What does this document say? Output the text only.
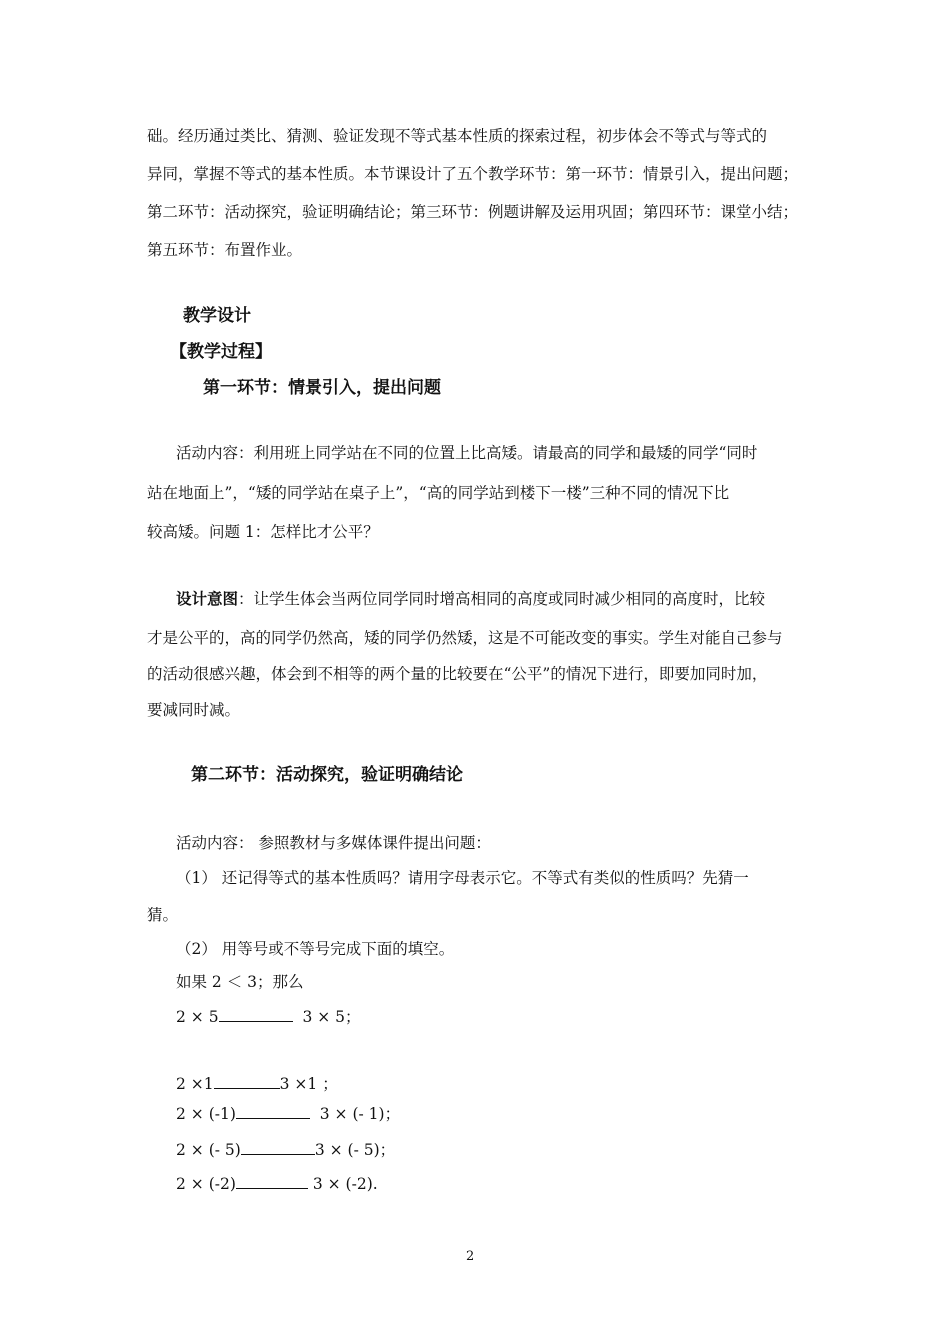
础。经历通过类比、猜测、验证发现不等式基本性质的探索过程，初步体会不等式与等式的
异同，掌握不等式的基本性质。本节课设计了五个教学环节：第一环节：情景引入，提出问题；
第二环节：活动探究，验证明确结论；第三环节：例题讲解及运用巩固；第四环节：课堂小结；
第五环节：布置作业。
教学设计
【教学过程】
第一环节：情景引入，提出问题
活动内容：利用班上同学站在不同的位置上比高矮。请最高的同学和最矮的同学“同时
站在地面上”，“矮的同学站在桌子上”，“高的同学站到楼下一楼”三种不同的情况下比
较高矮。问题 1：怎样比才公平？
设计意图：让学生体会当两位同学同时增高相同的高度或同时减少相同的高度时，比较
才是公平的，高的同学仍然高，矮的同学仍然矮，这是不可能改变的事实。学生对能自己参与
的活动很感兴趣，体会到不相等的两个量的比较要在“公平”的情况下进行，即要加同时加，
要减同时减。
第二环节：活动探究，验证明确结论
活动内容： 参照教材与多媒体课件提出问题：
（1） 还记得等式的基本性质吗？请用字母表示它。不等式有类似的性质吗？先猜一
猜。
（2） 用等号或不等号完成下面的填空。
如果 2 ＜ 3；那么
2 × 5	3 × 5；
2 ×1	3 ×1 ；
2 × (-1)	3 × (- 1)；
2 × (- 5)	3 × (- 5)；
2 × (-2)	3 × (-2).
2
